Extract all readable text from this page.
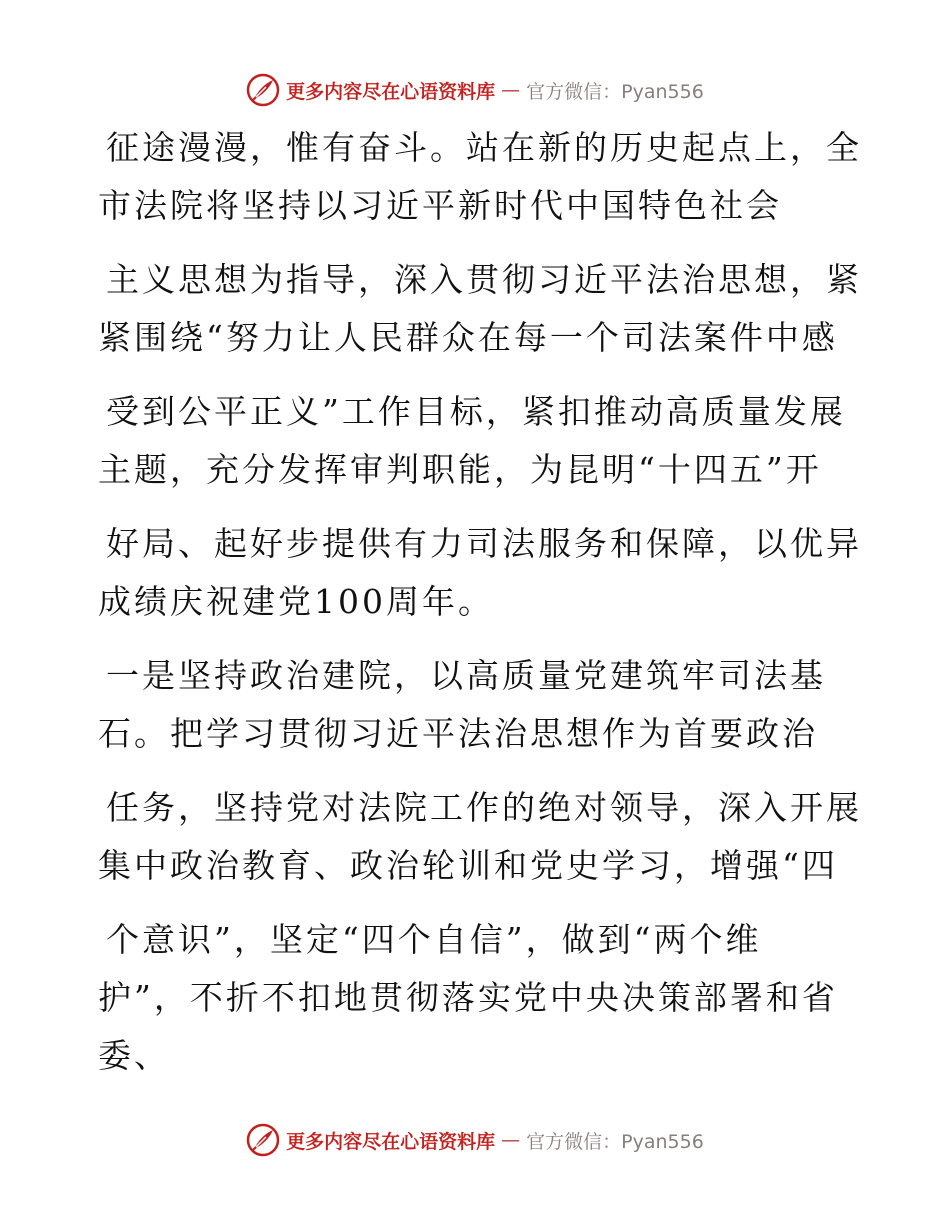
更多内容尽在心语资料库 — 官方微信：Pyan556
征途漫漫，惟有奋斗。站在新的历史起点上，全
市法院将坚持以习近平新时代中国特色社会
主义思想为指导，深入贯彻习近平法治思想，紧
紧围绕“努力让人民群众在每一个司法案件中感
受到公平正义”工作目标，紧扣推动高质量发展
主题，充分发挥审判职能，为昆明“十四五”开
好局、起好步提供有力司法服务和保障，以优异
成绩庆祝建党100周年。
一是坚持政治建院，以高质量党建筑牢司法基
石。把学习贯彻习近平法治思想作为首要政治
任务，坚持党对法院工作的绝对领导，深入开展
集中政治教育、政治轮训和党史学习，增强“四
个意识”，坚定“四个自信”，做到“两个维
护”，不折不扣地贯彻落实党中央决策部署和省
委、
更多内容尽在心语资料库 — 官方微信：Pyan556
